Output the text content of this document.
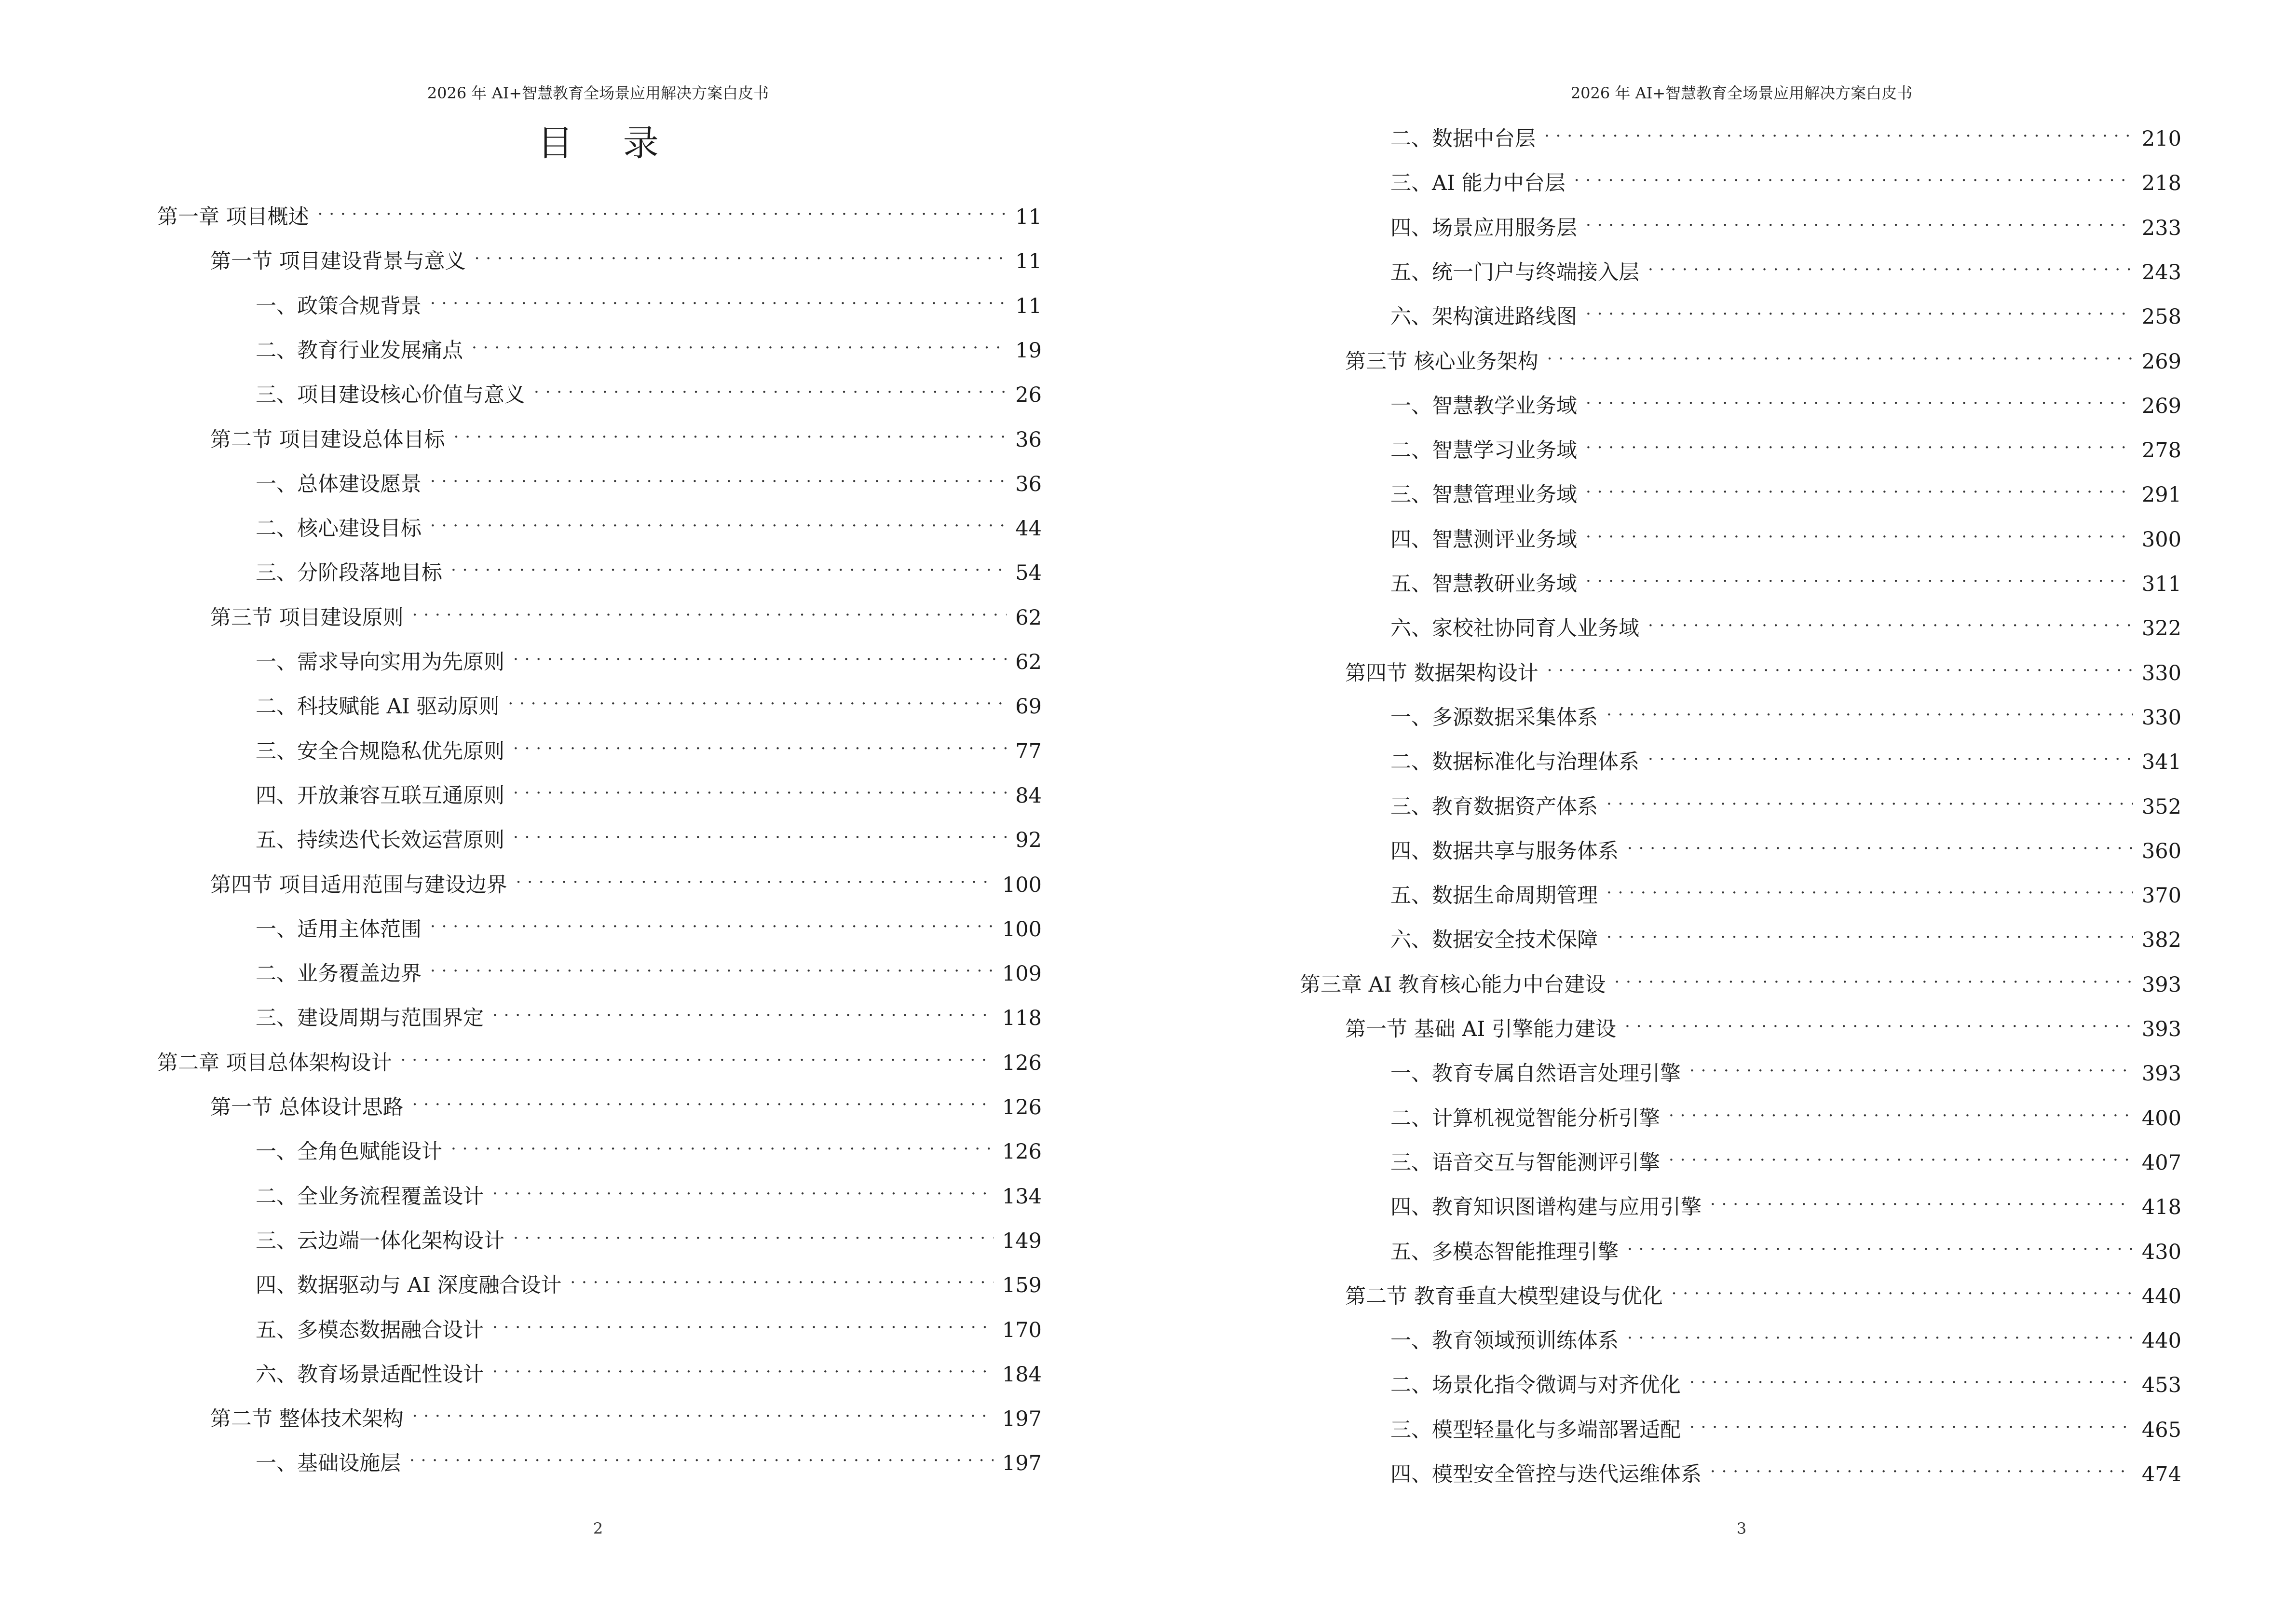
2026 年 AI+智慧教育全场景应用解决方案白皮书
目 录
第一章 项目概述 . . .	11
第一节 项目建设背景与意义 . . .	11
一、政策合规背景 . . .	11
二、教育行业发展痛点 . . .	19
三、项目建设核心价值与意义 . . .	26
第二节 项目建设总体目标 . . .	36
一、总体建设愿景 . . .	36
二、核心建设目标 . . .	44
三、分阶段落地目标 . . .	54
第三节 项目建设原则 . . .	62
一、需求导向实用为先原则 . . .	62
二、科技赋能 AI 驱动原则 . . .	69
三、安全合规隐私优先原则 . . .	77
四、开放兼容互联互通原则 . . .	84
五、持续迭代长效运营原则 . . .	92
第四节 项目适用范围与建设边界 . . .	100
一、适用主体范围 . . .	100
二、业务覆盖边界 . . .	109
三、建设周期与范围界定 . . .	118
第二章 项目总体架构设计 . . .	126
第一节 总体设计思路 . . .	126
一、全角色赋能设计 . . .	126
二、全业务流程覆盖设计 . . .	134
三、云边端一体化架构设计 . . .	149
四、数据驱动与 AI 深度融合设计 . . .	159
五、多模态数据融合设计 . . .	170
六、教育场景适配性设计 . . .	184
第二节 整体技术架构 . . .	197
一、基础设施层 . . .	197
2
2026 年 AI+智慧教育全场景应用解决方案白皮书
二、数据中台层 . . .	210
三、AI 能力中台层 . . .	218
四、场景应用服务层 . . .	233
五、统一门户与终端接入层 . . .	243
六、架构演进路线图 . . .	258
第三节 核心业务架构 . . .	269
一、智慧教学业务域 . . .	269
二、智慧学习业务域 . . .	278
三、智慧管理业务域 . . .	291
四、智慧测评业务域 . . .	300
五、智慧教研业务域 . . .	311
六、家校社协同育人业务域 . . .	322
第四节 数据架构设计 . . .	330
一、多源数据采集体系 . . .	330
二、数据标准化与治理体系 . . .	341
三、教育数据资产体系 . . .	352
四、数据共享与服务体系 . . .	360
五、数据生命周期管理 . . .	370
六、数据安全技术保障 . . .	382
第三章 AI 教育核心能力中台建设 . . .	393
第一节 基础 AI 引擎能力建设 . . .	393
一、教育专属自然语言处理引擎 . . .	393
二、计算机视觉智能分析引擎 . . .	400
三、语音交互与智能测评引擎 . . .	407
四、教育知识图谱构建与应用引擎 . . .	418
五、多模态智能推理引擎 . . .	430
第二节 教育垂直大模型建设与优化 . . .	440
一、教育领域预训练体系 . . .	440
二、场景化指令微调与对齐优化 . . .	453
三、模型轻量化与多端部署适配 . . .	465
四、模型安全管控与迭代运维体系 . . .	474
3
